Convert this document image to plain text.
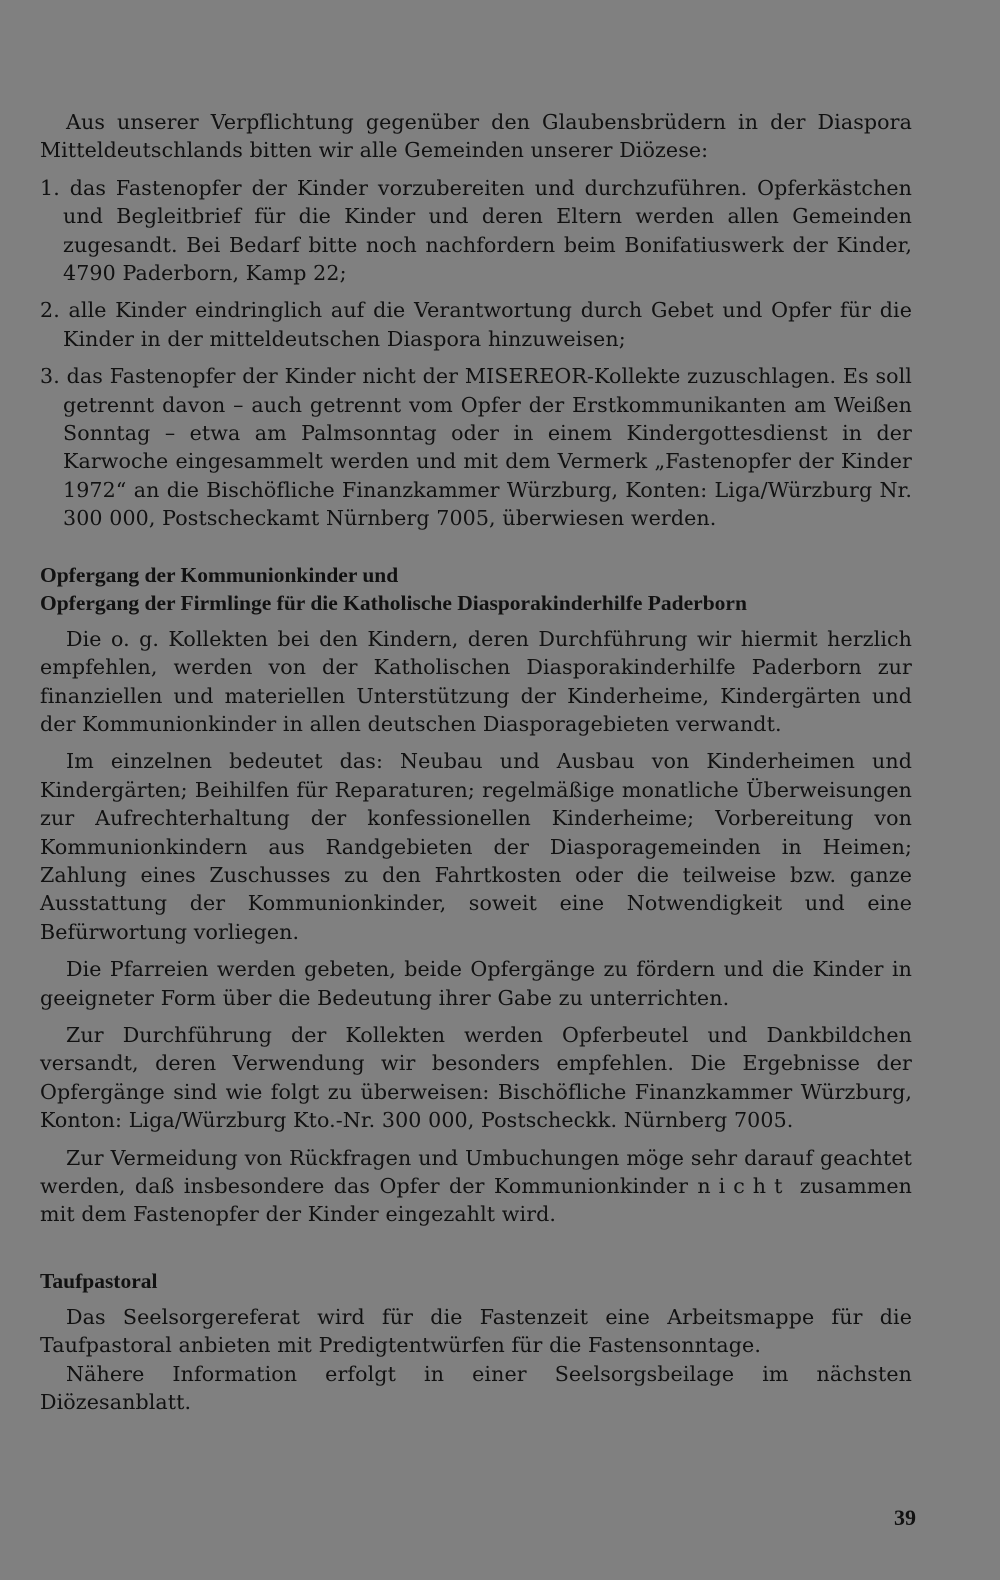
Aus unserer Verpflichtung gegenüber den Glaubensbrüdern in der Diaspora Mitteldeutschlands bitten wir alle Gemeinden unserer Diözese:

1. das Fastenopfer der Kinder vorzubereiten und durchzuführen. Opferkästchen und Begleitbrief für die Kinder und deren Eltern werden allen Gemeinden zugesandt. Bei Bedarf bitte noch nachfordern beim Bonifatiuswerk der Kinder, 4790 Paderborn, Kamp 22;

2. alle Kinder eindringlich auf die Verantwortung durch Gebet und Opfer für die Kinder in der mitteldeutschen Diaspora hinzuweisen;

3. das Fastenopfer der Kinder nicht der MISEREOR-Kollekte zuzuschlagen. Es soll getrennt davon – auch getrennt vom Opfer der Erstkommunikanten am Weißen Sonntag – etwa am Palmsonntag oder in einem Kindergottesdienst in der Karwoche eingesammelt werden und mit dem Vermerk „Fastenopfer der Kinder 1972“ an die Bischöfliche Finanzkammer Würzburg, Konten: Liga/Würzburg Nr. 300 000, Postscheckamt Nürnberg 7005, überwiesen werden.

Opfergang der Kommunionkinder und
Opfergang der Firmlinge für die Katholische Diasporakinderhilfe Paderborn

Die o. g. Kollekten bei den Kindern, deren Durchführung wir hiermit herzlich empfehlen, werden von der Katholischen Diasporakinderhilfe Paderborn zur finanziellen und materiellen Unterstützung der Kinderheime, Kindergärten und der Kommunionkinder in allen deutschen Diasporagebieten verwandt.

Im einzelnen bedeutet das: Neubau und Ausbau von Kinderheimen und Kindergärten; Beihilfen für Reparaturen; regelmäßige monatliche Überweisungen zur Aufrechterhaltung der konfessionellen Kinderheime; Vorbereitung von Kommunionkindern aus Randgebieten der Diasporagemeinden in Heimen; Zahlung eines Zuschusses zu den Fahrtkosten oder die teilweise bzw. ganze Ausstattung der Kommunionkinder, soweit eine Notwendigkeit und eine Befürwortung vorliegen.

Die Pfarreien werden gebeten, beide Opfergänge zu fördern und die Kinder in geeigneter Form über die Bedeutung ihrer Gabe zu unterrichten.

Zur Durchführung der Kollekten werden Opferbeutel und Dankbildchen versandt, deren Verwendung wir besonders empfehlen. Die Ergebnisse der Opfergänge sind wie folgt zu überweisen: Bischöfliche Finanzkammer Würzburg, Konton: Liga/Würzburg Kto.-Nr. 300 000, Postscheckk. Nürnberg 7005.

Zur Vermeidung von Rückfragen und Umbuchungen möge sehr darauf geachtet werden, daß insbesondere das Opfer der Kommunionkinder nicht zusammen mit dem Fastenopfer der Kinder eingezahlt wird.

Taufpastoral

Das Seelsorgereferat wird für die Fastenzeit eine Arbeitsmappe für die Taufpastoral anbieten mit Predigtentwürfen für die Fastensonntage.

Nähere Information erfolgt in einer Seelsorgsbeilage im nächsten Diözesanblatt.

39
